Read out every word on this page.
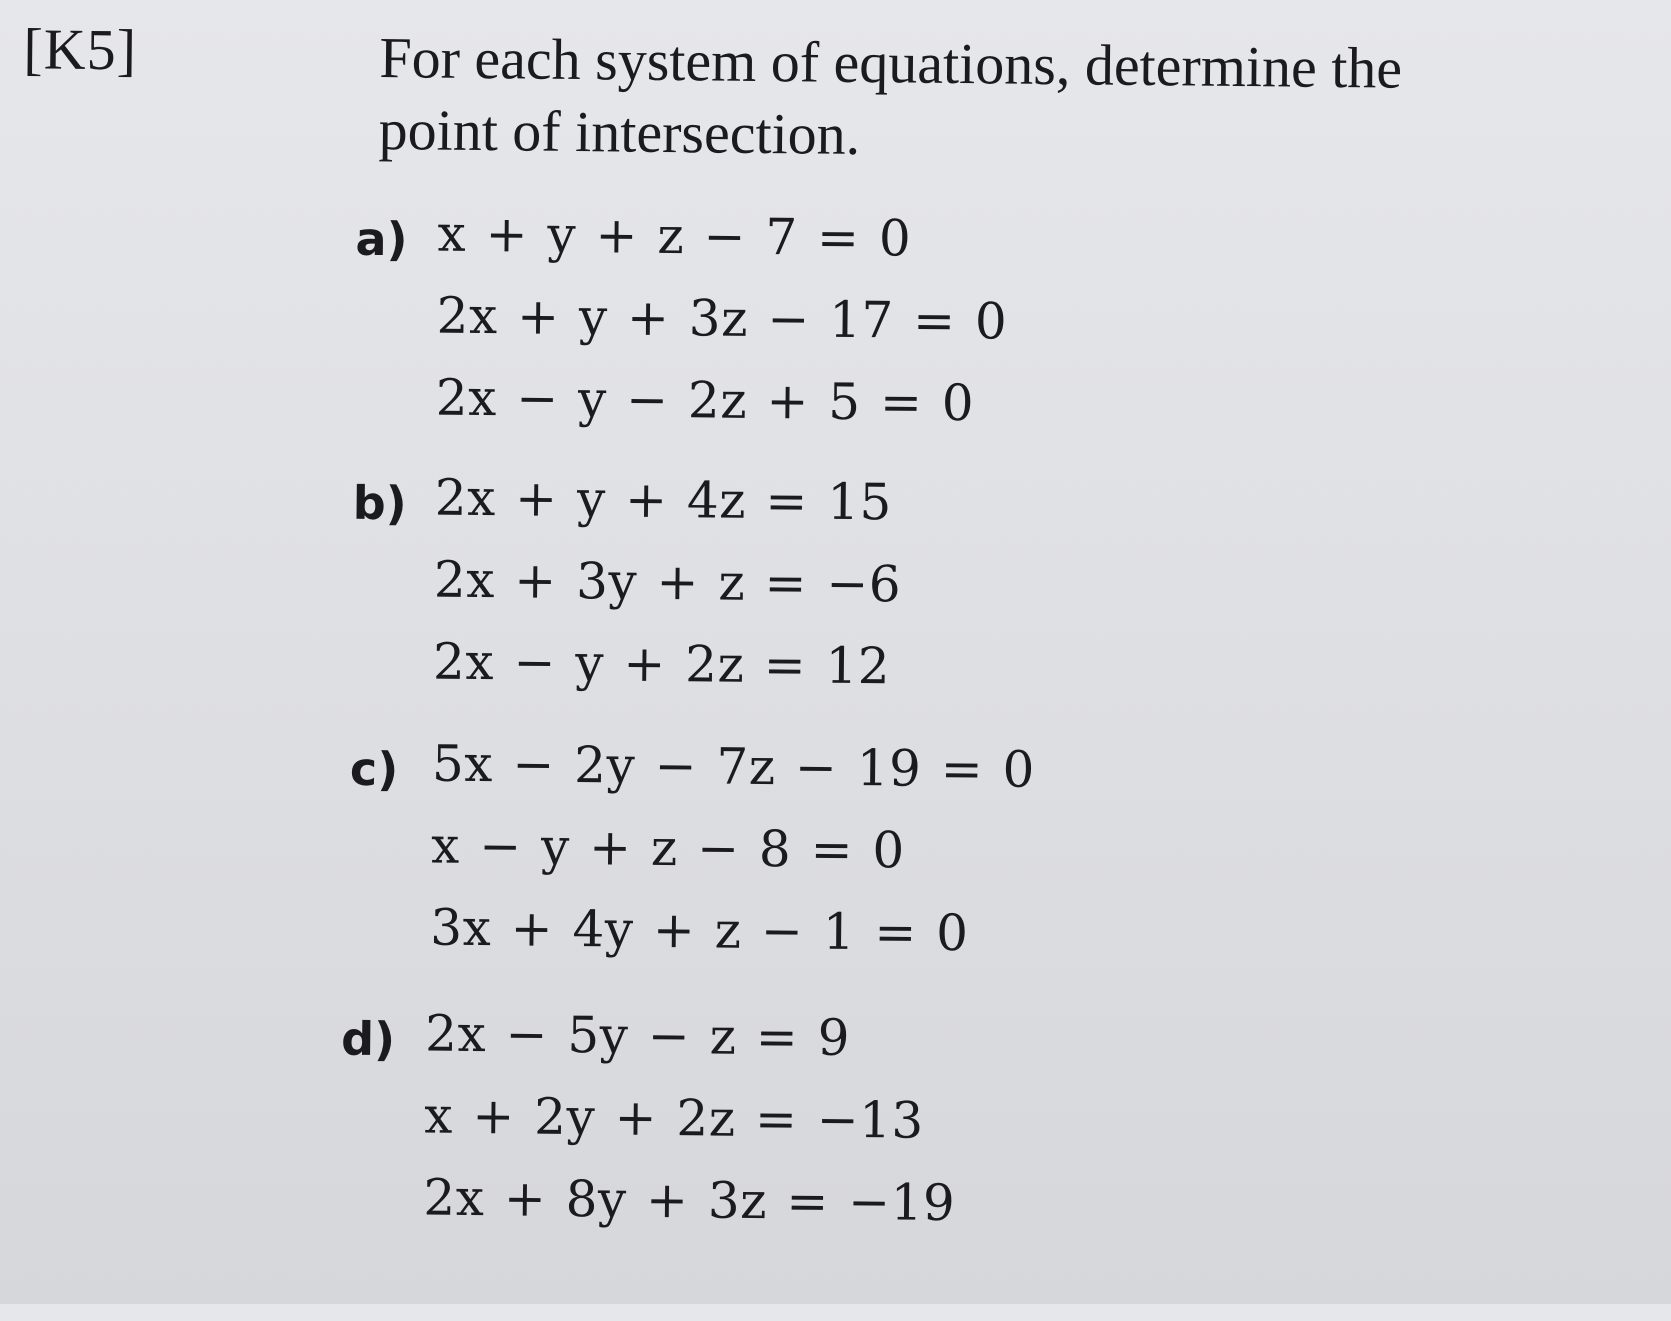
[K5]	For each system of equations, determine the
point of intersection.
a) x + y + z − 7 = 0
2x + y + 3z − 17 = 0
2x − y − 2z + 5 = 0
b) 2x + y + 4z = 15
2x + 3y + z = −6
2x − y + 2z = 12
c) 5x − 2y − 7z − 19 = 0
x − y + z − 8 = 0
3x + 4y + z − 1 = 0
d) 2x − 5y − z = 9
x + 2y + 2z = −13
2x + 8y + 3z = −19
